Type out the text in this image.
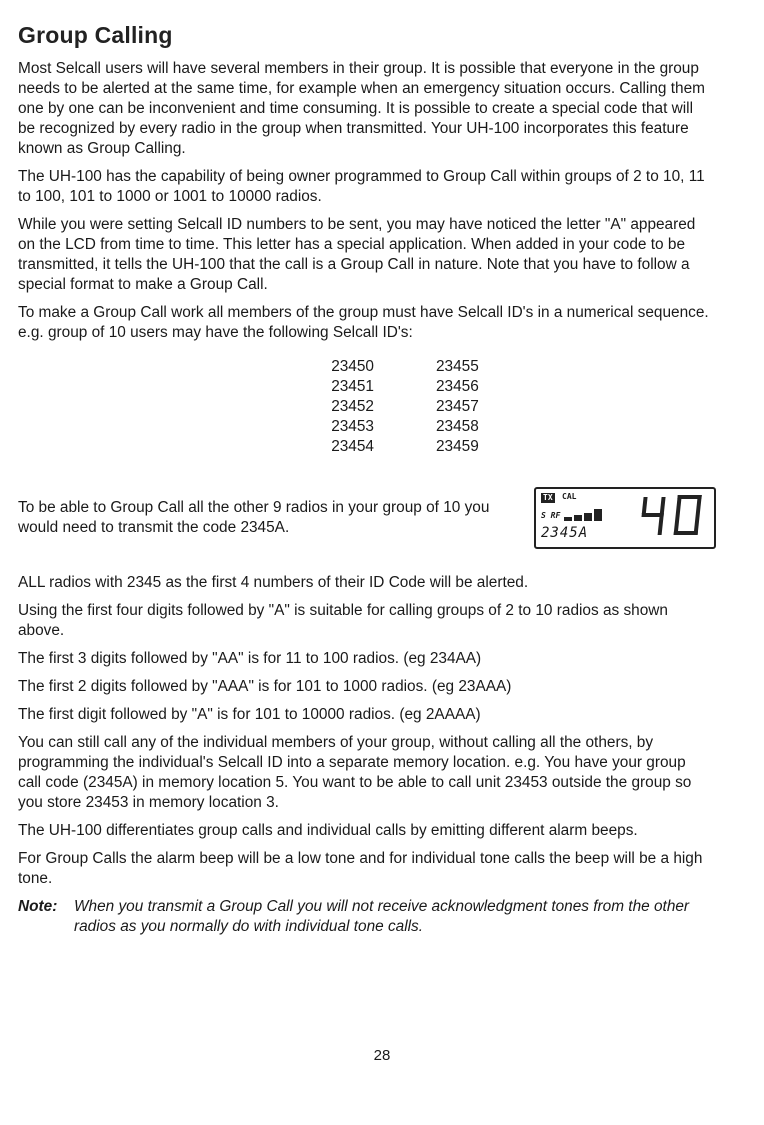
Group Calling

Most Selcall users will have several members in their group. It is possible that everyone in the group needs to be alerted at the same time, for example when an emergency situation occurs. Calling them one by one can be inconvenient and time consuming. It is possible to create a special code that will be recognized by every radio in the group when transmitted. Your UH-100 incorporates this feature known as Group Calling.

The UH-100 has the capability of being owner programmed to Group Call within groups of 2 to 10, 11 to 100, 101 to 1000 or 1001 to 10000 radios.

While you were setting Selcall ID numbers to be sent, you may have noticed the letter "A" appeared on the LCD from time to time. This letter has a special application. When added in your code to be transmitted, it tells the UH-100 that the call is a Group Call in nature. Note that you have to follow a special format to make a Group Call.

To make a Group Call work all members of the group must have Selcall ID's in a numerical sequence. e.g. group of 10 users may have the following Selcall ID's:

23450
23451
23452
23453
23454
23455
23456
23457
23458
23459

To be able to Group Call all the other 9 radios in your group of 10 you would need to transmit the code 2345A.

TX CAL
S RF
2345A
40

ALL radios with 2345 as the first 4 numbers of their ID Code will be alerted.

Using the first four digits followed by "A" is suitable for calling groups of 2 to 10 radios as shown above.

The first 3 digits followed by "AA" is for 11 to 100 radios. (eg 234AA)

The first 2 digits followed by "AAA" is for 101 to 1000 radios. (eg 23AAA)

The first digit followed by "A" is for 101 to 10000 radios. (eg 2AAAA)

You can still call any of the individual members of your group, without calling all the others, by programming the individual's Selcall ID into a separate memory location. e.g. You have your group call code (2345A) in memory location 5. You want to be able to call unit 23453 outside the group so you store 23453 in memory location 3.

The UH-100 differentiates group calls and individual calls by emitting different alarm beeps.

For Group Calls the alarm beep will be a low tone and for individual tone calls the beep will be a high tone.

Note:	When you transmit a Group Call you will not receive acknowledgment tones from the other radios as you normally do with individual tone calls.
28
